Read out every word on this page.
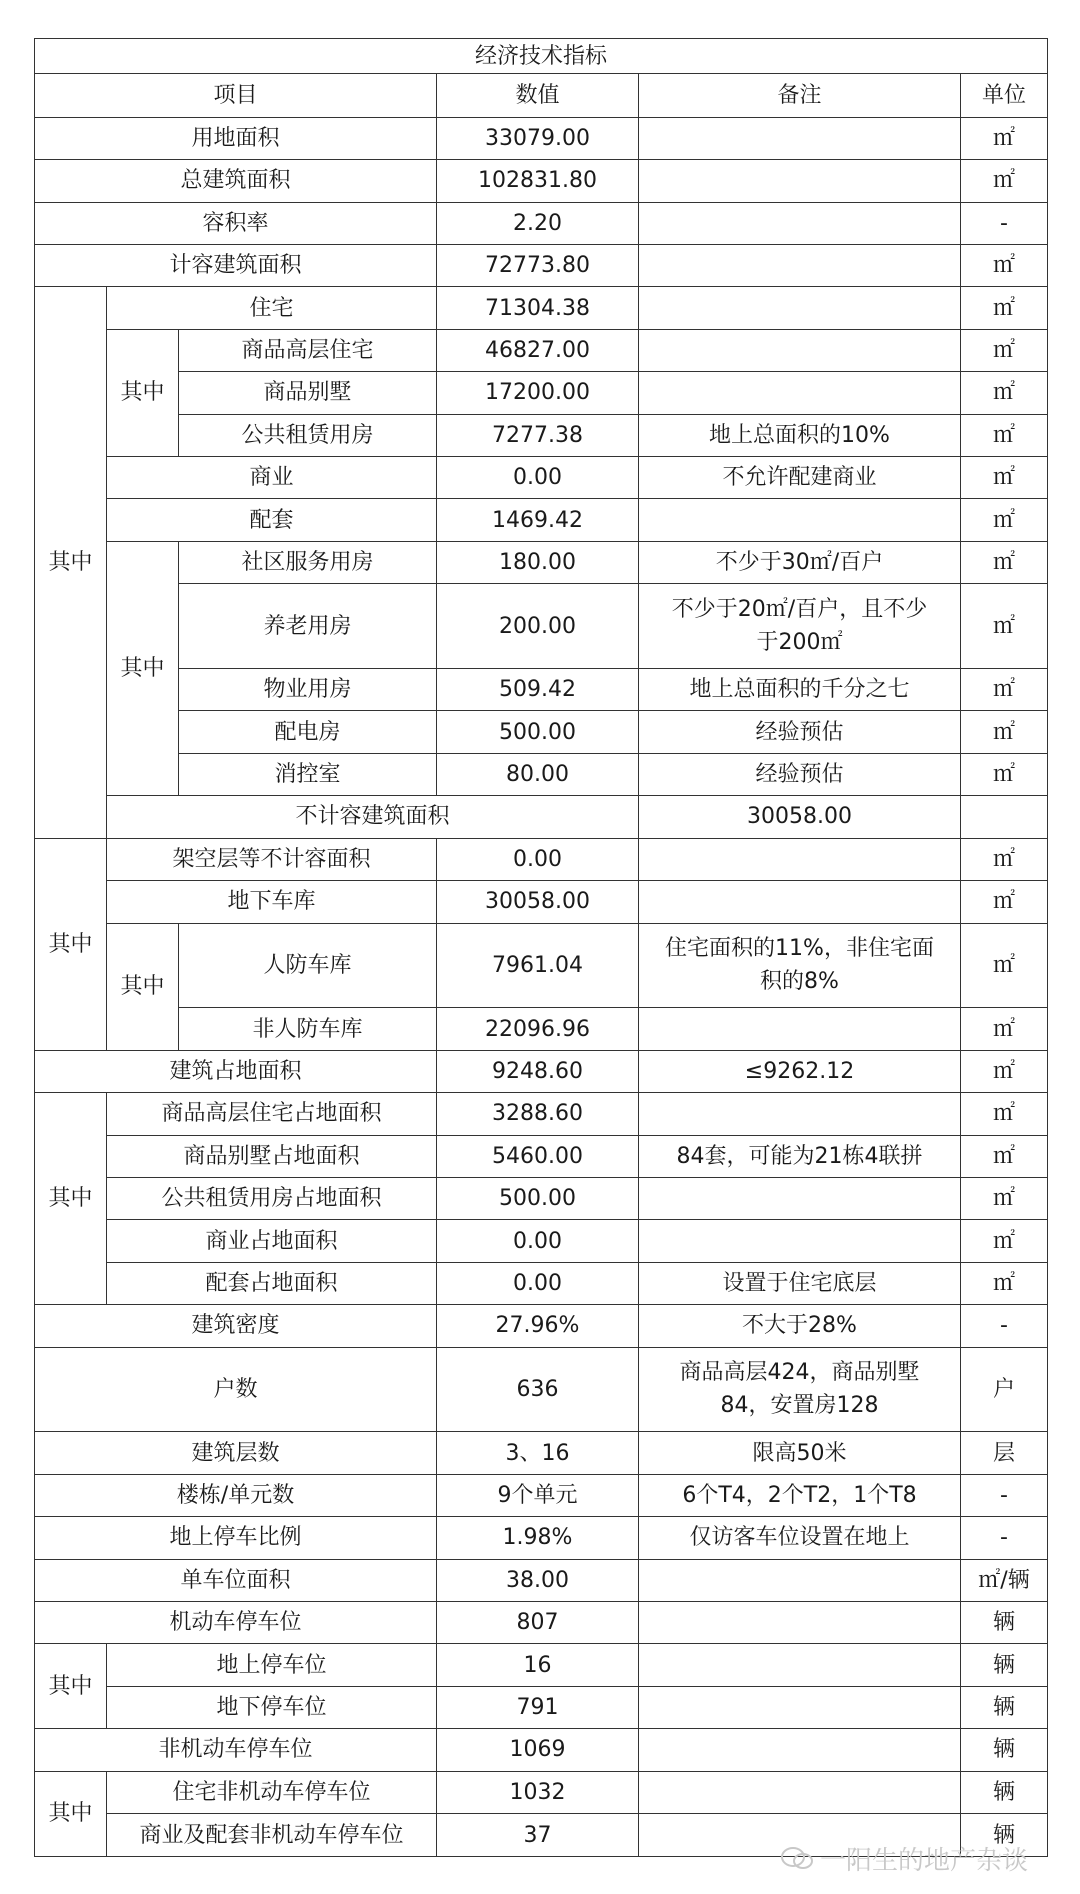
经济技术指标						
项目			数值	备注	单位	
用地面积			33079.00		㎡	
总建筑面积			102831.80		㎡	
容积率			2.20		-	
计容建筑面积			72773.80		㎡	
其中	住宅		71304.38		㎡	
	其中	商品高层住宅	46827.00		㎡	
		商品别墅	17200.00		㎡	
		公共租赁用房	7277.38	地上总面积的10%	㎡	
	商业		0.00	不允许配建商业	㎡	
	配套		1469.42		㎡	
	其中	社区服务用房	180.00	不少于30㎡/百户	㎡	
		养老用房	200.00	不少于20㎡/百户，且不少
于200㎡	㎡	
		物业用房	509.42	地上总面积的千分之七	㎡	
		配电房	500.00	经验预估	㎡	
		消控室	80.00	经验预估	㎡	
	不计容建筑面积			30058.00		
其中	架空层等不计容面积		0.00		㎡	
	地下车库		30058.00		㎡	
	其中	人防车库	7961.04	住宅面积的11%，非住宅面
积的8%	㎡	
		非人防车库	22096.96		㎡	
建筑占地面积			9248.60	≤9262.12	㎡	
其中	商品高层住宅占地面积		3288.60		㎡	
	商品别墅占地面积		5460.00	84套，可能为21栋4联拼	㎡	
	公共租赁用房占地面积		500.00		㎡	
	商业占地面积		0.00		㎡	
	配套占地面积		0.00	设置于住宅底层	㎡	
建筑密度			27.96%	不大于28%	-	
户数			636	商品高层424，商品别墅
84，安置房128	户	
建筑层数			3、16	限高50米	层	
楼栋/单元数			9个单元	6个T4，2个T2，1个T8	-	
地上停车比例			1.98%	仅访客车位设置在地上	-	
单车位面积			38.00		㎡/辆	
机动车停车位			807		辆	
其中	地上停车位		16		辆	
	地下停车位		791		辆	
非机动车停车位			1069		辆	
其中	住宅非机动车停车位		1032		辆	
	商业及配套非机动车停车位		37		辆	
一阳生的地产杂谈
